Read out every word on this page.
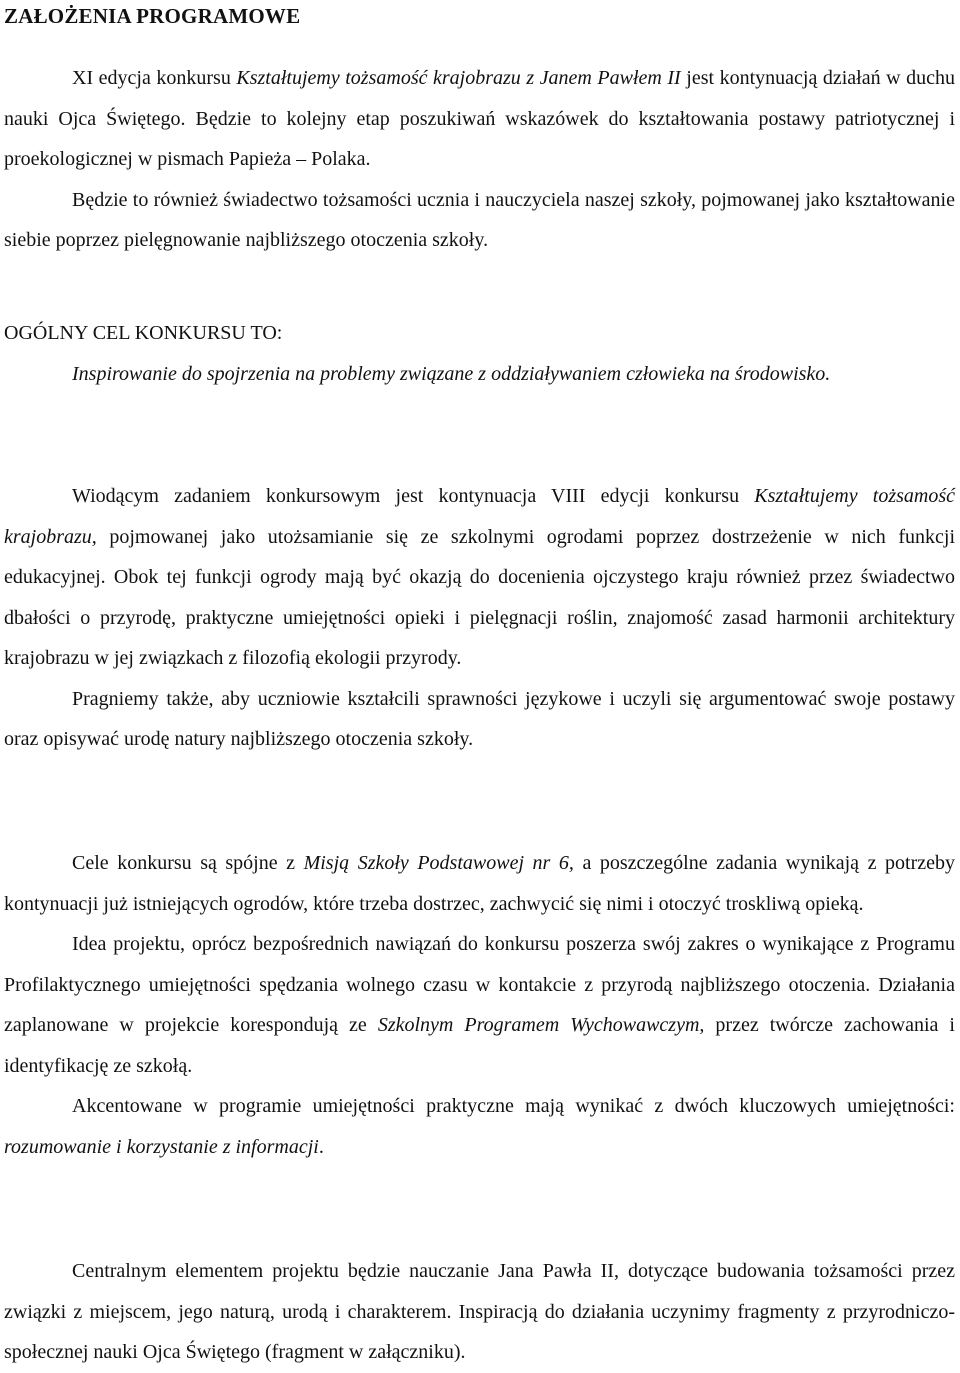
ZAŁOŻENIA PROGRAMOWE

XI edycja konkursu Kształtujemy tożsamość krajobrazu z Janem Pawłem II jest kontynuacją działań w duchu nauki Ojca Świętego. Będzie to kolejny etap poszukiwań wskazówek do kształtowania postawy patriotycznej i proekologicznej w pismach Papieża – Polaka.

Będzie to również świadectwo tożsamości ucznia i nauczyciela naszej szkoły, pojmowanej jako kształtowanie siebie poprzez pielęgnowanie najbliższego otoczenia szkoły.

OGÓLNY CEL KONKURSU TO:

Inspirowanie do spojrzenia na problemy związane z oddziaływaniem człowieka na środowisko.

Wiodącym zadaniem konkursowym jest kontynuacja VIII edycji konkursu Kształtujemy tożsamość krajobrazu, pojmowanej jako utożsamianie się ze szkolnymi ogrodami poprzez dostrzeżenie w nich funkcji edukacyjnej. Obok tej funkcji ogrody mają być okazją do docenienia ojczystego kraju również przez świadectwo dbałości o przyrodę, praktyczne umiejętności opieki i pielęgnacji roślin, znajomość zasad harmonii architektury krajobrazu w jej związkach z filozofią ekologii przyrody.

Pragniemy także, aby uczniowie kształcili sprawności językowe i uczyli się argumentować swoje postawy oraz opisywać urodę natury najbliższego otoczenia szkoły.

Cele konkursu są spójne z Misją Szkoły Podstawowej nr 6, a poszczególne zadania wynikają z potrzeby kontynuacji już istniejących ogrodów, które trzeba dostrzec, zachwycić się nimi i otoczyć troskliwą opieką.

Idea projektu, oprócz bezpośrednich nawiązań do konkursu poszerza swój zakres o wynikające z Programu Profilaktycznego umiejętności spędzania wolnego czasu w kontakcie z przyrodą najbliższego otoczenia. Działania zaplanowane w projekcie korespondują ze Szkolnym Programem Wychowawczym, przez twórcze zachowania i identyfikację ze szkołą.

Akcentowane w programie umiejętności praktyczne mają wynikać z dwóch kluczowych umiejętności: rozumowanie i korzystanie z informacji.

Centralnym elementem projektu będzie nauczanie Jana Pawła II, dotyczące budowania tożsamości przez związki z miejscem, jego naturą, urodą i charakterem. Inspiracją do działania uczynimy fragmenty z przyrodniczo-społecznej nauki Ojca Świętego (fragment w załączniku).
